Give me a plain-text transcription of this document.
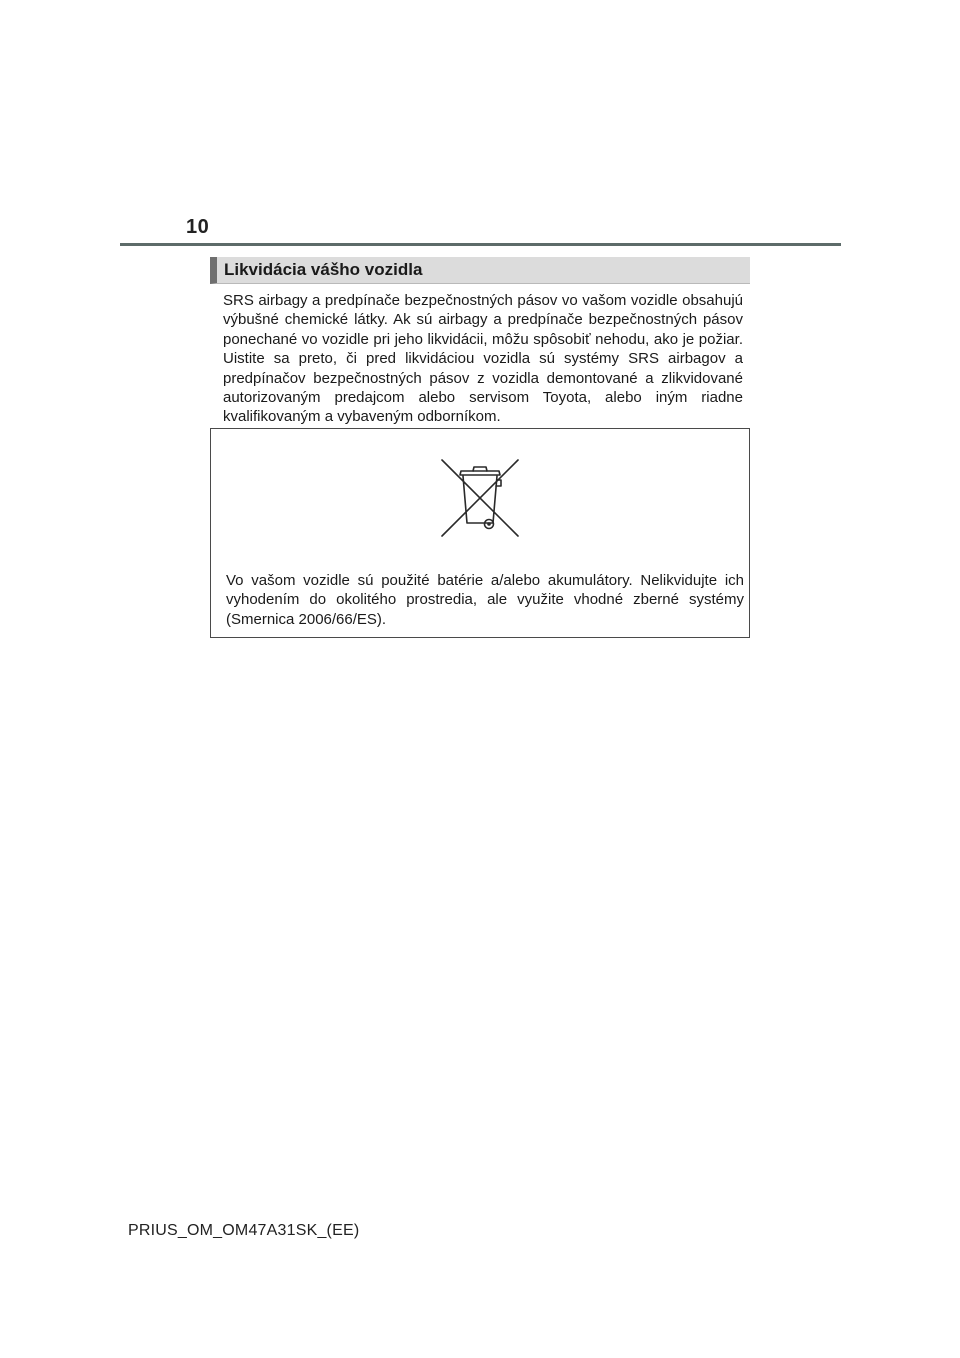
10
Likvidácia vášho vozidla
SRS airbagy a predpínače bezpečnostných pásov vo vašom vozidle obsahujú výbušné chemické látky. Ak sú airbagy a predpínače bezpečnostných pásov ponechané vo vozidle pri jeho likvidácii, môžu spôsobiť nehodu, ako je požiar. Uistite sa preto, či pred likvidáciou vozidla sú systémy SRS airbagov a predpínačov bezpečnostných pásov z vozidla demontované a zlikvidované autorizovaným predajcom alebo servisom Toyota, alebo iným riadne kvalifikovaným a vybaveným odborníkom.
Vo vašom vozidle sú použité batérie a/alebo akumulátory. Nelikvidujte ich vyhodením do okolitého prostredia, ale využite vhodné zberné systémy (Smernica 2006/66/ES).
PRIUS_OM_OM47A31SK_(EE)
